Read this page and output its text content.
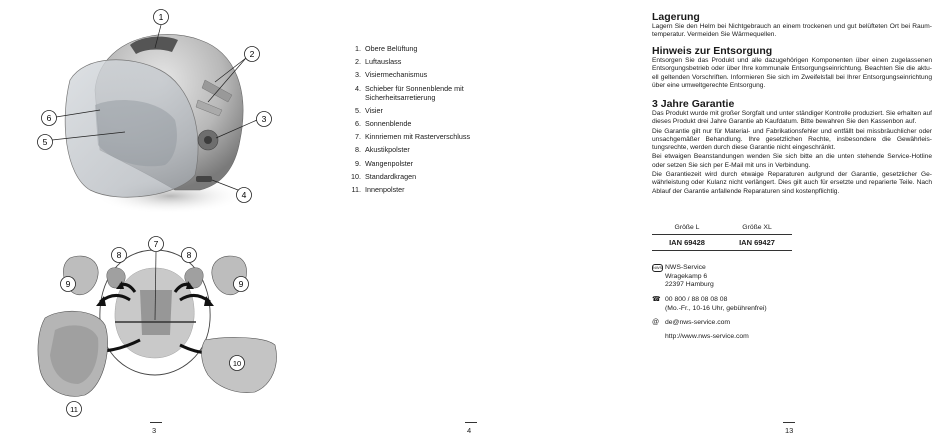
1
2
3
4
5
6
7
8	8
9	9
10
11
3	4
1. Obere Belüftung
2. Luftauslass
3. Visiermechanismus
4. Schieber für Sonnenblende mit Sicherheitsarretierung
5. Visier
6. Sonnenblende
7. Kinnriemen mit Rasterverschluss
8. Akustikpolster
9. Wangenpolster
10. Standardkragen
11. Innenpolster
Lagerung

Lagern Sie den Helm bei Nichtgebrauch an einem trockenen und gut belüfteten Ort bei Raum-temperatur. Vermeiden Sie Wärmequellen.

Hinweis zur Entsorgung

Entsorgen Sie das Produkt und alle dazugehörigen Komponenten über einen zugelassenen Entsorgungsbetrieb oder über Ihre kommunale Entsorgungseinrichtung. Beachten Sie die aktu-ell geltenden Vorschriften. Informieren Sie sich im Zweifelsfall bei Ihrer Entsorgungseinrichtung über eine umweltgerechte Entsorgung.

3 Jahre Garantie

Das Produkt wurde mit großer Sorgfalt und unter ständiger Kontrolle produziert. Sie erhalten auf dieses Produkt drei Jahre Garantie ab Kaufdatum. Bitte bewahren Sie den Kassenbon auf.

Die Garantie gilt nur für Material- und Fabrikationsfehler und entfällt bei missbräuchlicher oder unsachgemäßer Behandlung. Ihre gesetzlichen Rechte, insbesondere die Gewährleis-tungsrechte, werden durch diese Garantie nicht eingeschränkt.

Bei etwaigen Beanstandungen wenden Sie sich bitte an die unten stehende Service-Hotline oder setzen Sie sich per E-Mail mit uns in Verbindung.

Die Garantiezeit wird durch etwaige Reparaturen aufgrund der Garantie, gesetzlicher Ge-währleistung oder Kulanz nicht verlängert. Dies gilt auch für ersetzte und reparierte Teile. Nach Ablauf der Garantie anfallende Reparaturen sind kostenpflichtig.

Größe L	Größe XL
IAN 69428	IAN 69427
NWS NWS-Service
Wragekamp 6
22397 Hamburg
☎ 00 800 / 88 08 08 08
(Mo.-Fr., 10-16 Uhr, gebührenfrei)
@ de@nws-service.com
http://www.nws-service.com
13
